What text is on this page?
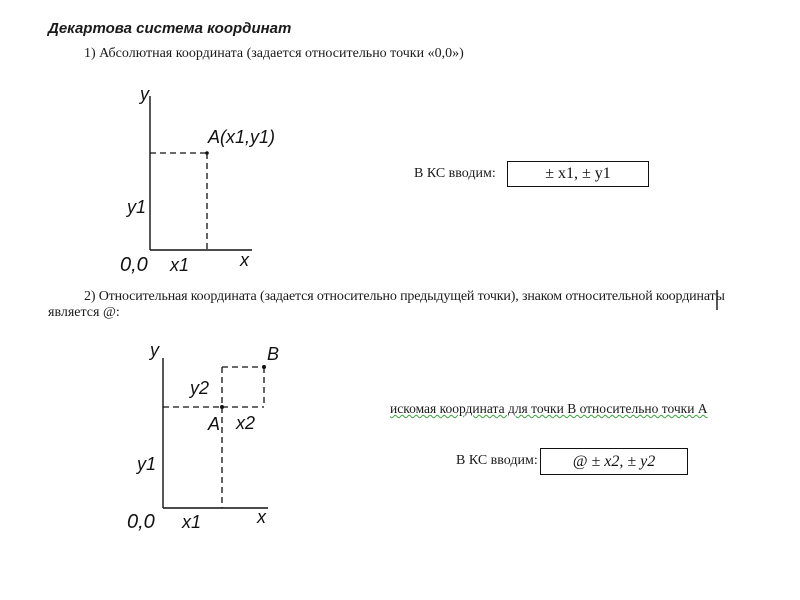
Декартова система координат
1) Абсолютная координата (задается относительно точки «0,0»)
y
x
0,0 x1
y1
A(x1,y1)
y
x
0,0 x1
y1
y2
x2
A
B
В КС вводим:	± x1, ± y1
2) Относительная координата (задается относительно предыдущей точки), знаком относительной координаты
является @:
искомая координата для точки B относительно точки A
В КС вводим: @ ± x2, ± y2
